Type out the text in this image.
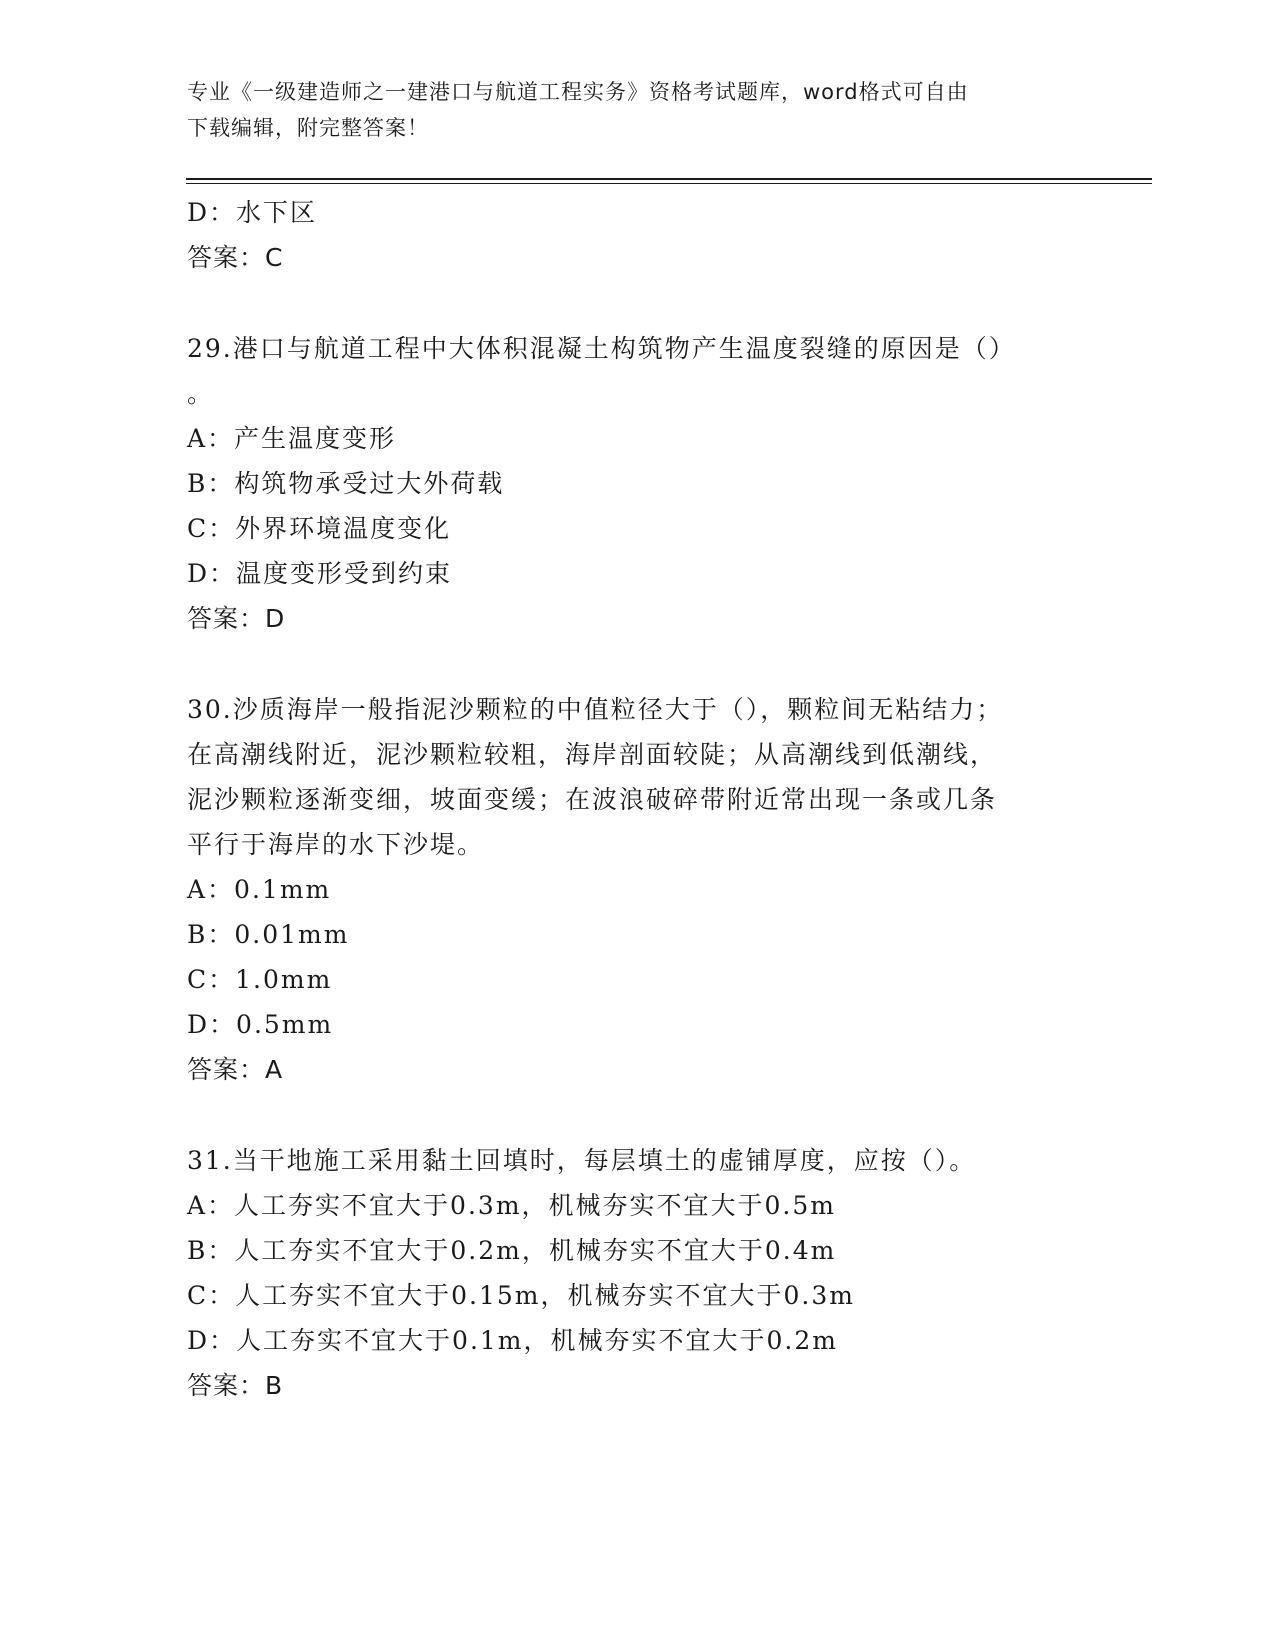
专业《一级建造师之一建港口与航道工程实务》资格考试题库，word格式可自由
下载编辑，附完整答案！
D：水下区
答案：C
29.港口与航道工程中大体积混凝土构筑物产生温度裂缝的原因是（）
。
A：产生温度变形
B：构筑物承受过大外荷载
C：外界环境温度变化
D：温度变形受到约束
答案：D
30.沙质海岸一般指泥沙颗粒的中值粒径大于（），颗粒间无粘结力；
在高潮线附近，泥沙颗粒较粗，海岸剖面较陡；从高潮线到低潮线，
泥沙颗粒逐渐变细，坡面变缓；在波浪破碎带附近常出现一条或几条
平行于海岸的水下沙堤。
A：0.1mm
B：0.01mm
C：1.0mm
D：0.5mm
答案：A
31.当干地施工采用黏土回填时，每层填土的虚铺厚度，应按（）。
A：人工夯实不宜大于0.3m，机械夯实不宜大于0.5m
B：人工夯实不宜大于0.2m，机械夯实不宜大于0.4m
C：人工夯实不宜大于0.15m，机械夯实不宜大于0.3m
D：人工夯实不宜大于0.1m，机械夯实不宜大于0.2m
答案：B
